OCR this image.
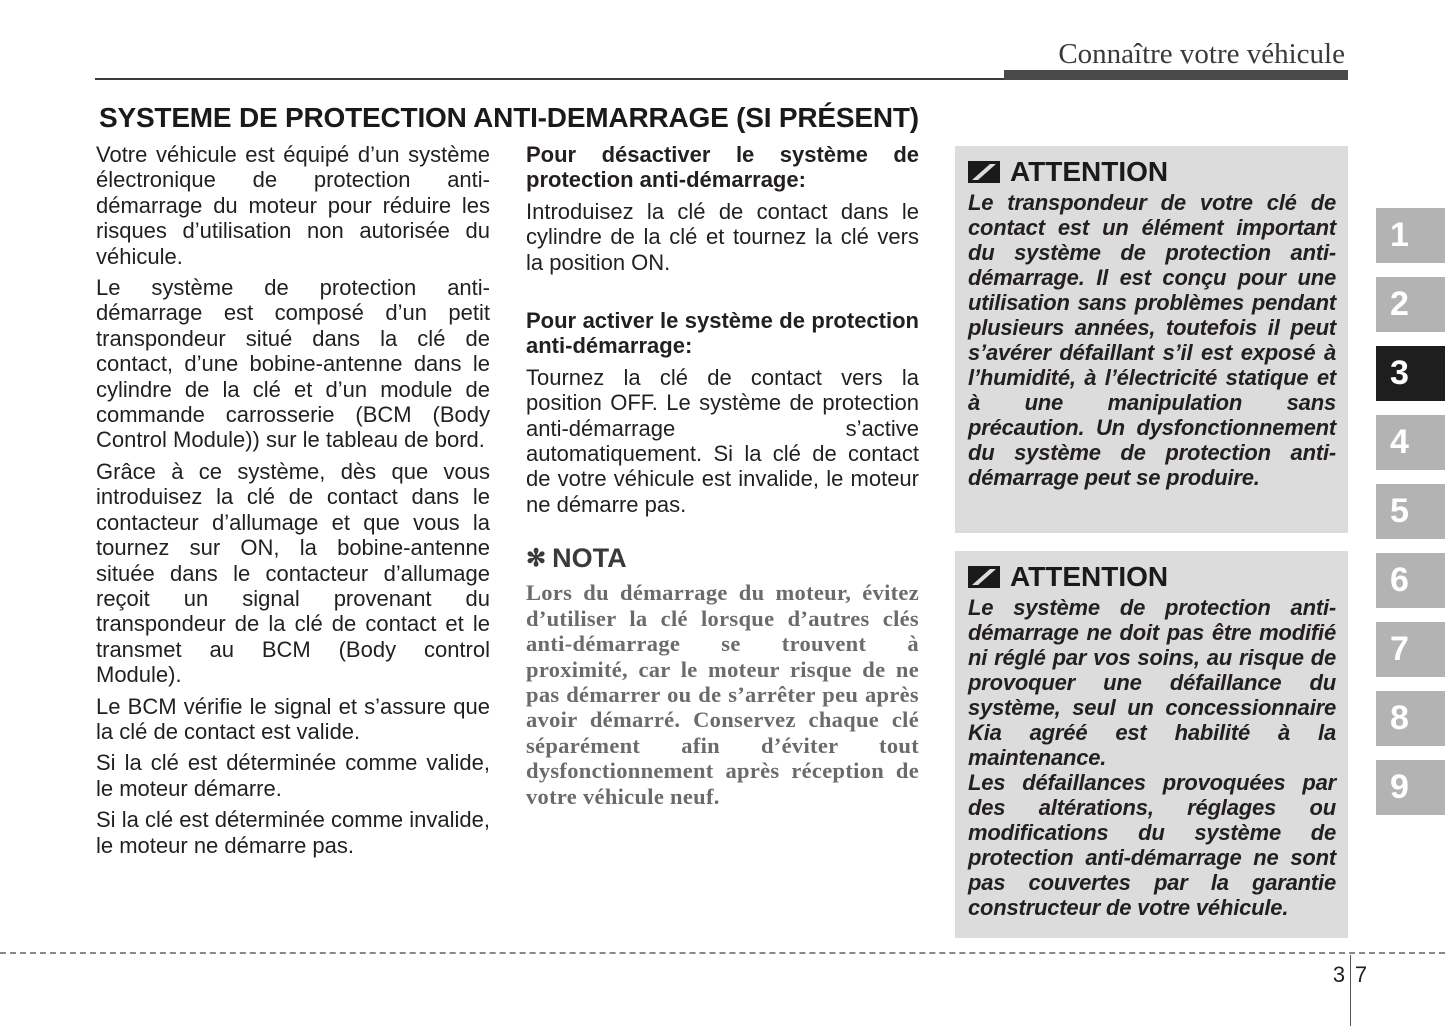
Connaître votre véhicule
SYSTEME DE PROTECTION ANTI-DEMARRAGE (SI PRÉSENT)

Votre véhicule est équipé d’un système électronique de protection anti-démarrage du moteur pour réduire les risques d’utilisation non autorisée du véhicule.

Le système de protection anti-démarrage est composé d’un petit transpondeur situé dans la clé de contact, d’une bobine-antenne dans le cylindre de la clé et d’un module de commande carrosserie (BCM (Body Control Module)) sur le tableau de bord.

Grâce à ce système, dès que vous introduisez la clé de contact dans le contacteur d’allumage et que vous la tournez sur ON, la bobine-antenne située dans le contacteur d’allumage reçoit un signal provenant du transpondeur de la clé de contact et le transmet au BCM (Body control Module).

Le BCM vérifie le signal et s’assure que la clé de contact est valide.

Si la clé est déterminée comme valide, le moteur démarre.

Si la clé est déterminée comme invalide, le moteur ne démarre pas.

Pour désactiver le système de protection anti-démarrage:

Introduisez la clé de contact dans le cylindre de la clé et tournez la clé vers la position ON.

Pour activer le système de protection anti-démarrage:

Tournez la clé de contact vers la position OFF. Le système de protection anti-démarrage s’active automatiquement. Si la clé de contact de votre véhicule est invalide, le moteur ne démarre pas.

✻ NOTA

Lors du démarrage du moteur, évitez d’utiliser la clé lorsque d’autres clés anti-démarrage se trouvent à proximité, car le moteur risque de ne pas démarrer ou de s’arrêter peu après avoir démarré. Conservez chaque clé séparément afin d’éviter tout dysfonctionnement après réception de votre véhicule neuf.

ATTENTION

Le transpondeur de votre clé de contact est un élément important du système de protection anti-démarrage. Il est conçu pour une utilisation sans problèmes pendant plusieurs années, toutefois il peut s’avérer défaillant s’il est exposé à l’humidité, à l’électricité statique et à une manipulation sans précaution. Un dysfonctionnement du système de protection anti-démarrage peut se produire.

ATTENTION

Le système de protection anti-démarrage ne doit pas être modifié ni réglé par vos soins, au risque de provoquer une défaillance du système, seul un concessionnaire Kia agréé est habilité à la maintenance.

Les défaillances provoquées par des altérations, réglages ou modifications du système de protection anti-démarrage ne sont pas couvertes par la garantie constructeur de votre véhicule.

1
2
3
4
5
6
7
8
9
3 7
